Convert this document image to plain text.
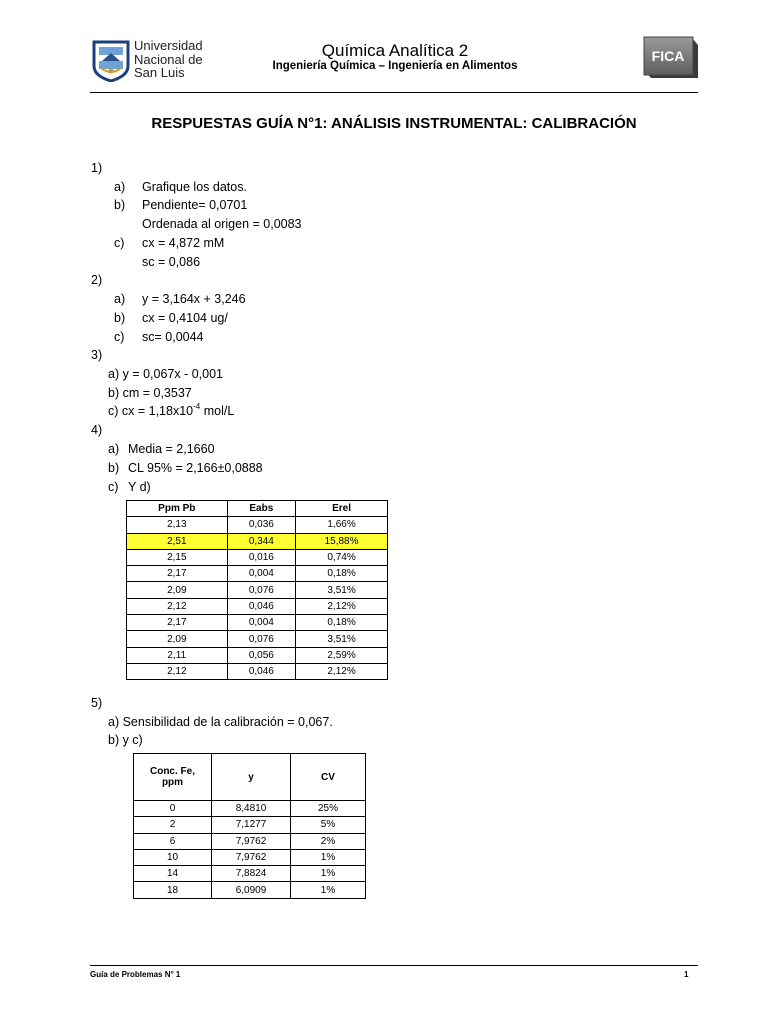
Universidad
Nacional de
San Luis
Química Analítica 2
Ingeniería Química – Ingeniería en Alimentos
FICA
RESPUESTAS GUÍA N°1: ANÁLISIS INSTRUMENTAL: CALIBRACIÓN
1)
a) Grafique los datos.
b) Pendiente= 0,0701
Ordenada al origen = 0,0083
c) cx = 4,872 mM
sc = 0,086
2)
a) y = 3,164x + 3,246
b) cx = 0,4104 ug/
c) sc= 0,0044
3)
a) y = 0,067x - 0,001
b) cm = 0,3537
c) cx = $1,18x10^{-4}$ mol/L
4)
a) Media = 2,1660
b) CL 95% = 2,166±0,0888
c) Y d)
Ppm Pb	Eabs	Erel
2,13	0,036	1,66%
2,51	0,344	15,88%
2,15	0,016	0,74%
2,17	0,004	0,18%
2,09	0,076	3,51%
2,12	0,046	2,12%
2,17	0,004	0,18%
2,09	0,076	3,51%
2,11	0,056	2,59%
2,12	0,046	2,12%
5)
a) Sensibilidad de la calibración = 0,067.
b) y c)
Conc. Fe,
ppm	y	CV
0	8,4810	25%
2	7,1277	5%
6	7,9762	2%
10	7,9762	1%
14	7,8824	1%
18	6,0909	1%
Guía de Problemas N° 1	1
